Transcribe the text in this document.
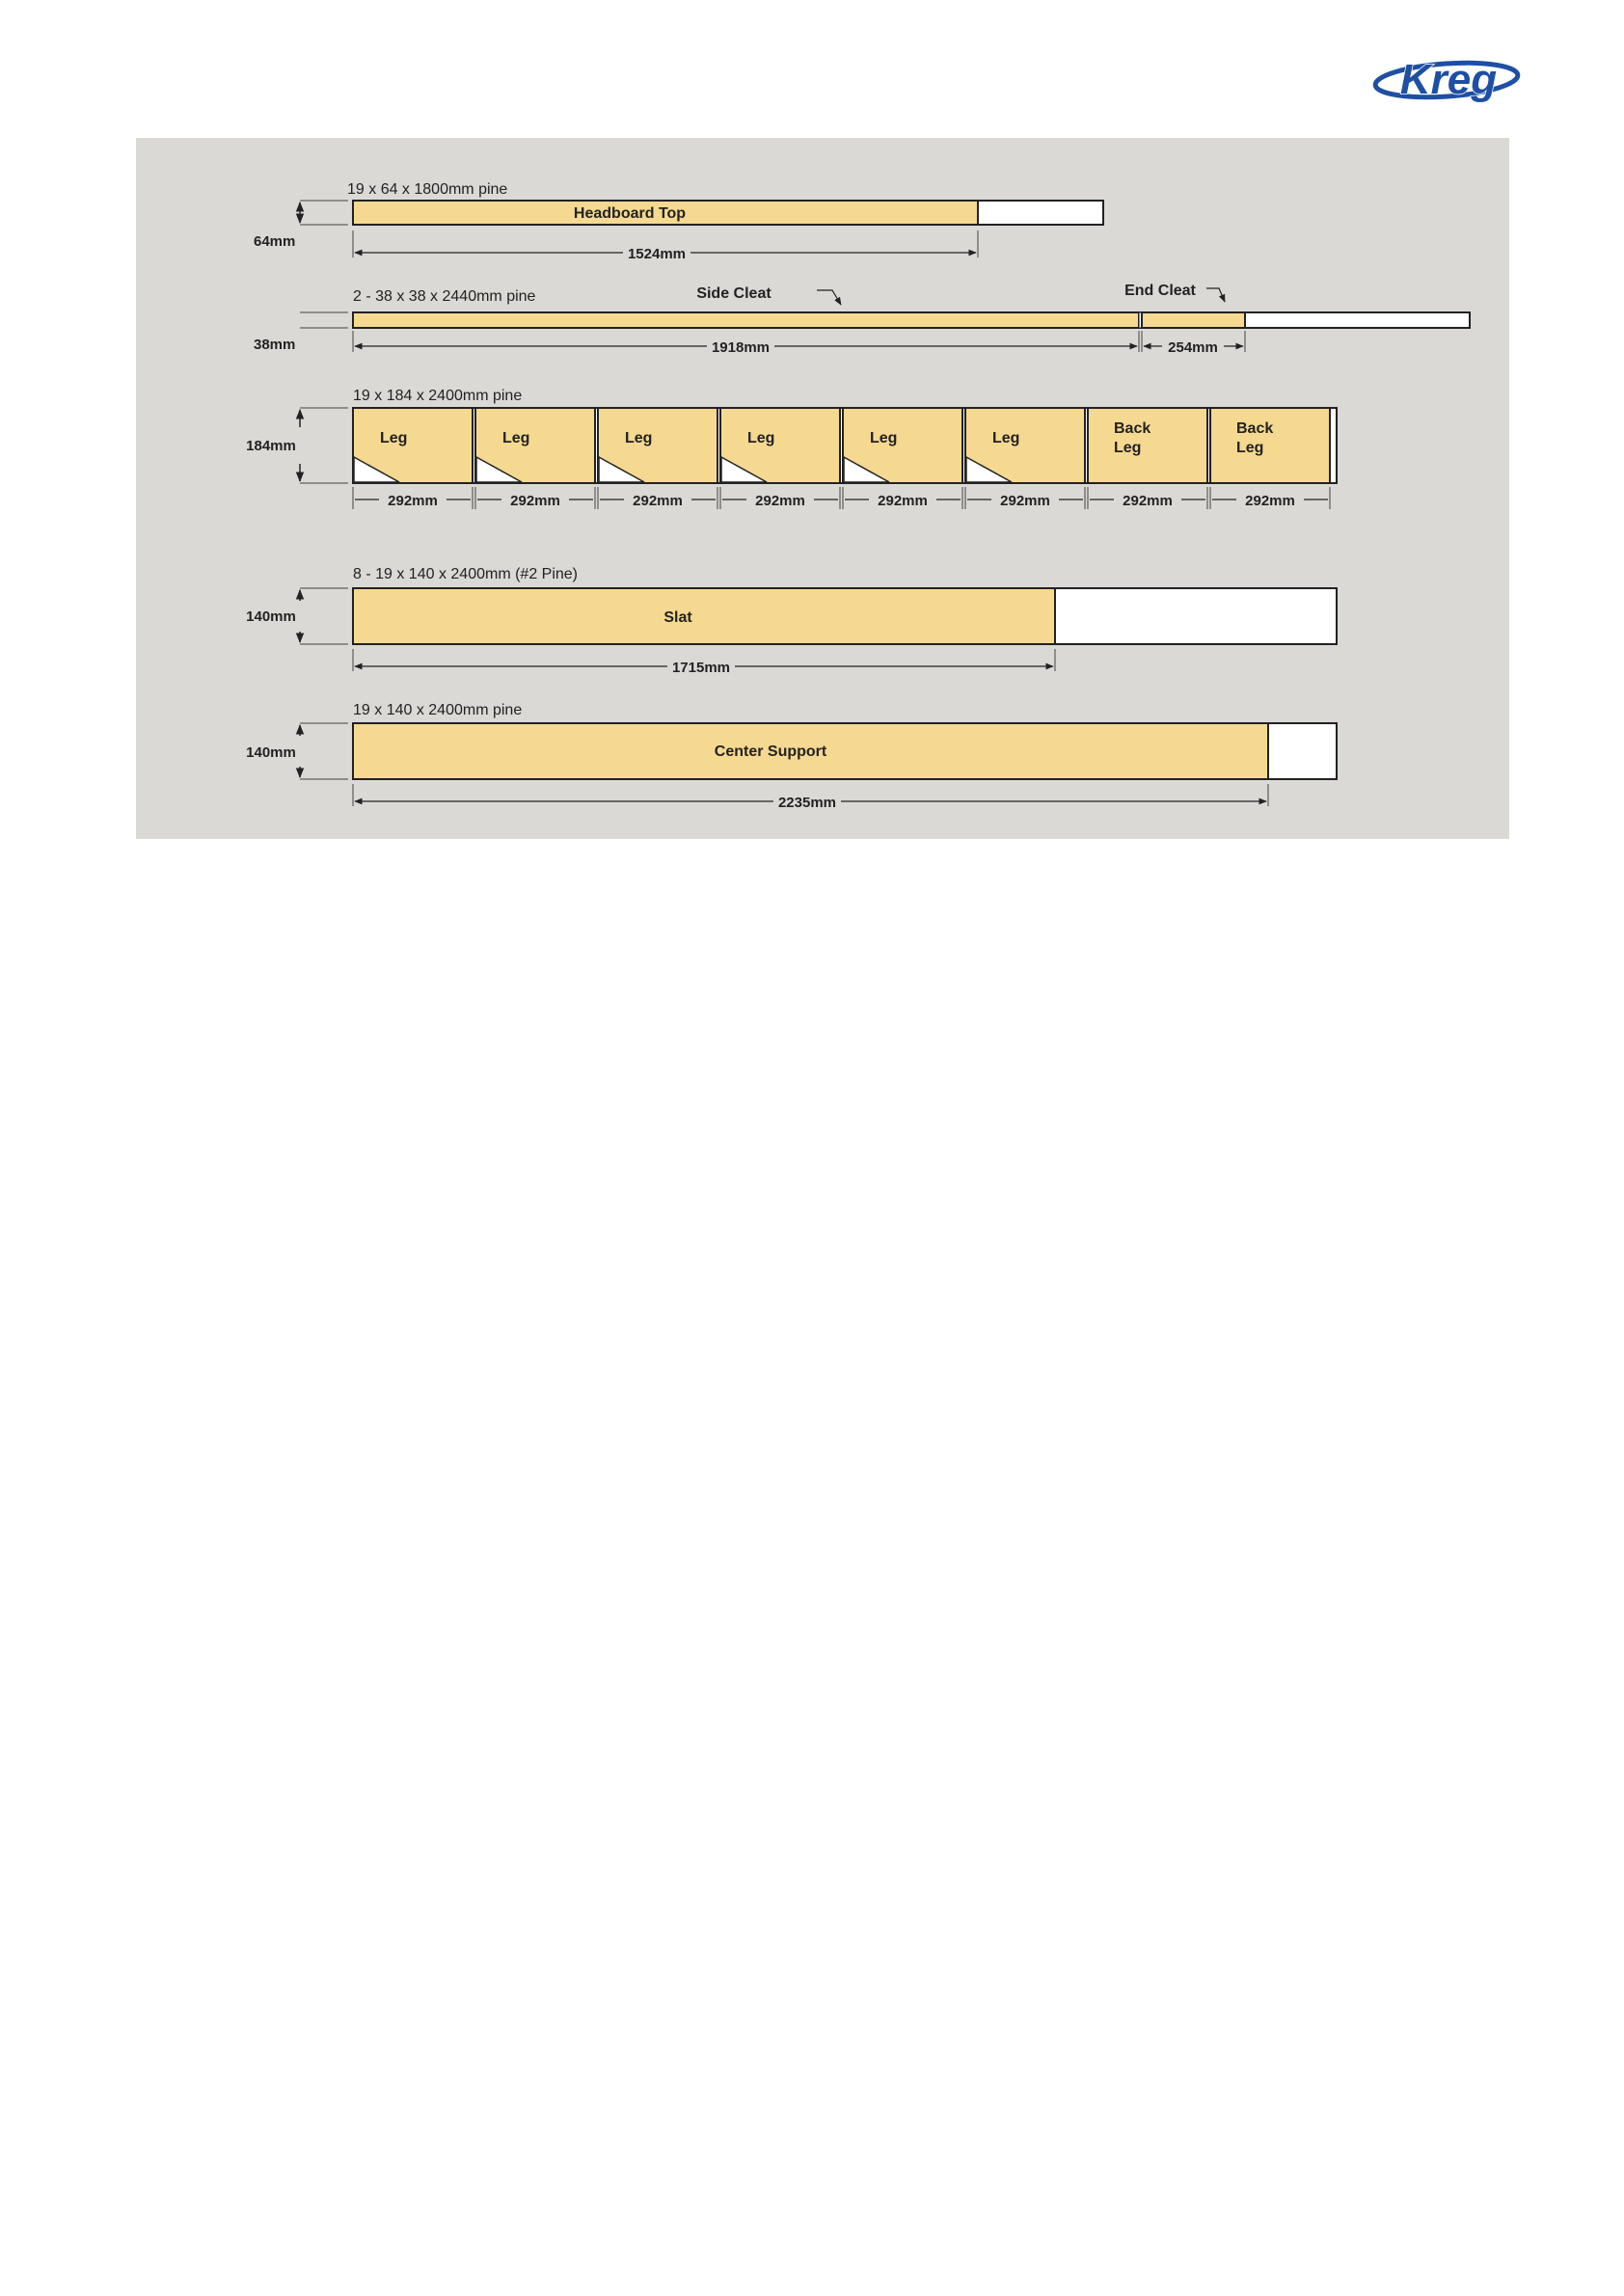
Kreg
19 x 64 x 1800mm pine
Headboard Top
64mm
1524mm
2 - 38 x 38 x 2440mm pine	Side Cleat	End Cleat
38mm	1918mm	254mm
19 x 184 x 2400mm pine
Leg
292mm
Leg
292mm
Leg
292mm
Leg
292mm
Leg
292mm
Leg
292mm
Back
Leg
292mm
Back
Leg
292mm
184mm
8 - 19 x 140 x 2400mm (#2 Pine)
Slat
140mm
1715mm
19 x 140 x 2400mm pine
Center Support
140mm
2235mm
